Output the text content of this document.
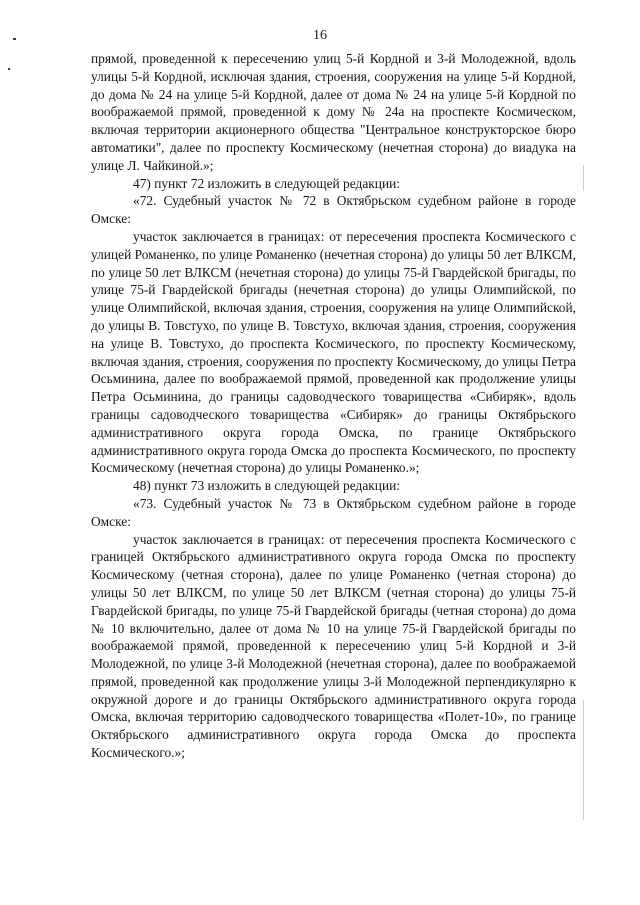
16

прямой, проведенной к пересечению улиц 5-й Кордной и 3-й Молодежной, вдоль улицы 5-й Кордной, исключая здания, строения, сооружения на улице 5-й Кордной, до дома № 24 на улице 5-й Кордной, далее от дома № 24 на улице 5-й Кордной по воображаемой прямой, проведенной к дому № 24а на проспекте Космическом, включая территории акционерного общества "Центральное конструкторское бюро автоматики", далее по проспекту Космическому (нечетная сторона) до виадука на улице Л. Чайкиной.»;

47) пункт 72 изложить в следующей редакции:

«72. Судебный участок № 72 в Октябрьском судебном районе в городе Омске:

участок заключается в границах: от пересечения проспекта Космического с улицей Романенко, по улице Романенко (нечетная сторона) до улицы 50 лет ВЛКСМ, по улице 50 лет ВЛКСМ (нечетная сторона) до улицы 75-й Гвардейской бригады, по улице 75-й Гвардейской бригады (нечетная сторона) до улицы Олимпийской, по улице Олимпийской, включая здания, строения, сооружения на улице Олимпийской, до улицы В. Товстухо, по улице В. Товстухо, включая здания, строения, сооружения на улице В. Товстухо, до проспекта Космического, по проспекту Космическому, включая здания, строения, сооружения по проспекту Космическому, до улицы Петра Осьминина, далее по воображаемой прямой, проведенной как продолжение улицы Петра Осьминина, до границы садоводческого товарищества «Сибиряк», вдоль границы садоводческого товарищества «Сибиряк» до границы Октябрьского административного округа города Омска, по границе Октябрьского административного округа города Омска до проспекта Космического, по проспекту Космическому (нечетная сторона) до улицы Романенко.»;

48) пункт 73 изложить в следующей редакции:

«73. Судебный участок № 73 в Октябрьском судебном районе в городе Омске:

участок заключается в границах: от пересечения проспекта Космического с границей Октябрьского административного округа города Омска по проспекту Космическому (четная сторона), далее по улице Романенко (четная сторона) до улицы 50 лет ВЛКСМ, по улице 50 лет ВЛКСМ (четная сторона) до улицы 75-й Гвардейской бригады, по улице 75-й Гвардейской бригады (четная сторона) до дома № 10 включительно, далее от дома № 10 на улице 75-й Гвардейской бригады по воображаемой прямой, проведенной к пересечению улиц 5-й Кордной и 3-й Молодежной, по улице 3-й Молодежной (нечетная сторона), далее по воображаемой прямой, проведенной как продолжение улицы 3-й Молодежной перпендикулярно к окружной дороге и до границы Октябрьского административного округа города Омска, включая территорию садоводческого товарищества «Полет-10», по границе Октябрьского административного округа города Омска до проспекта Космического.»;
